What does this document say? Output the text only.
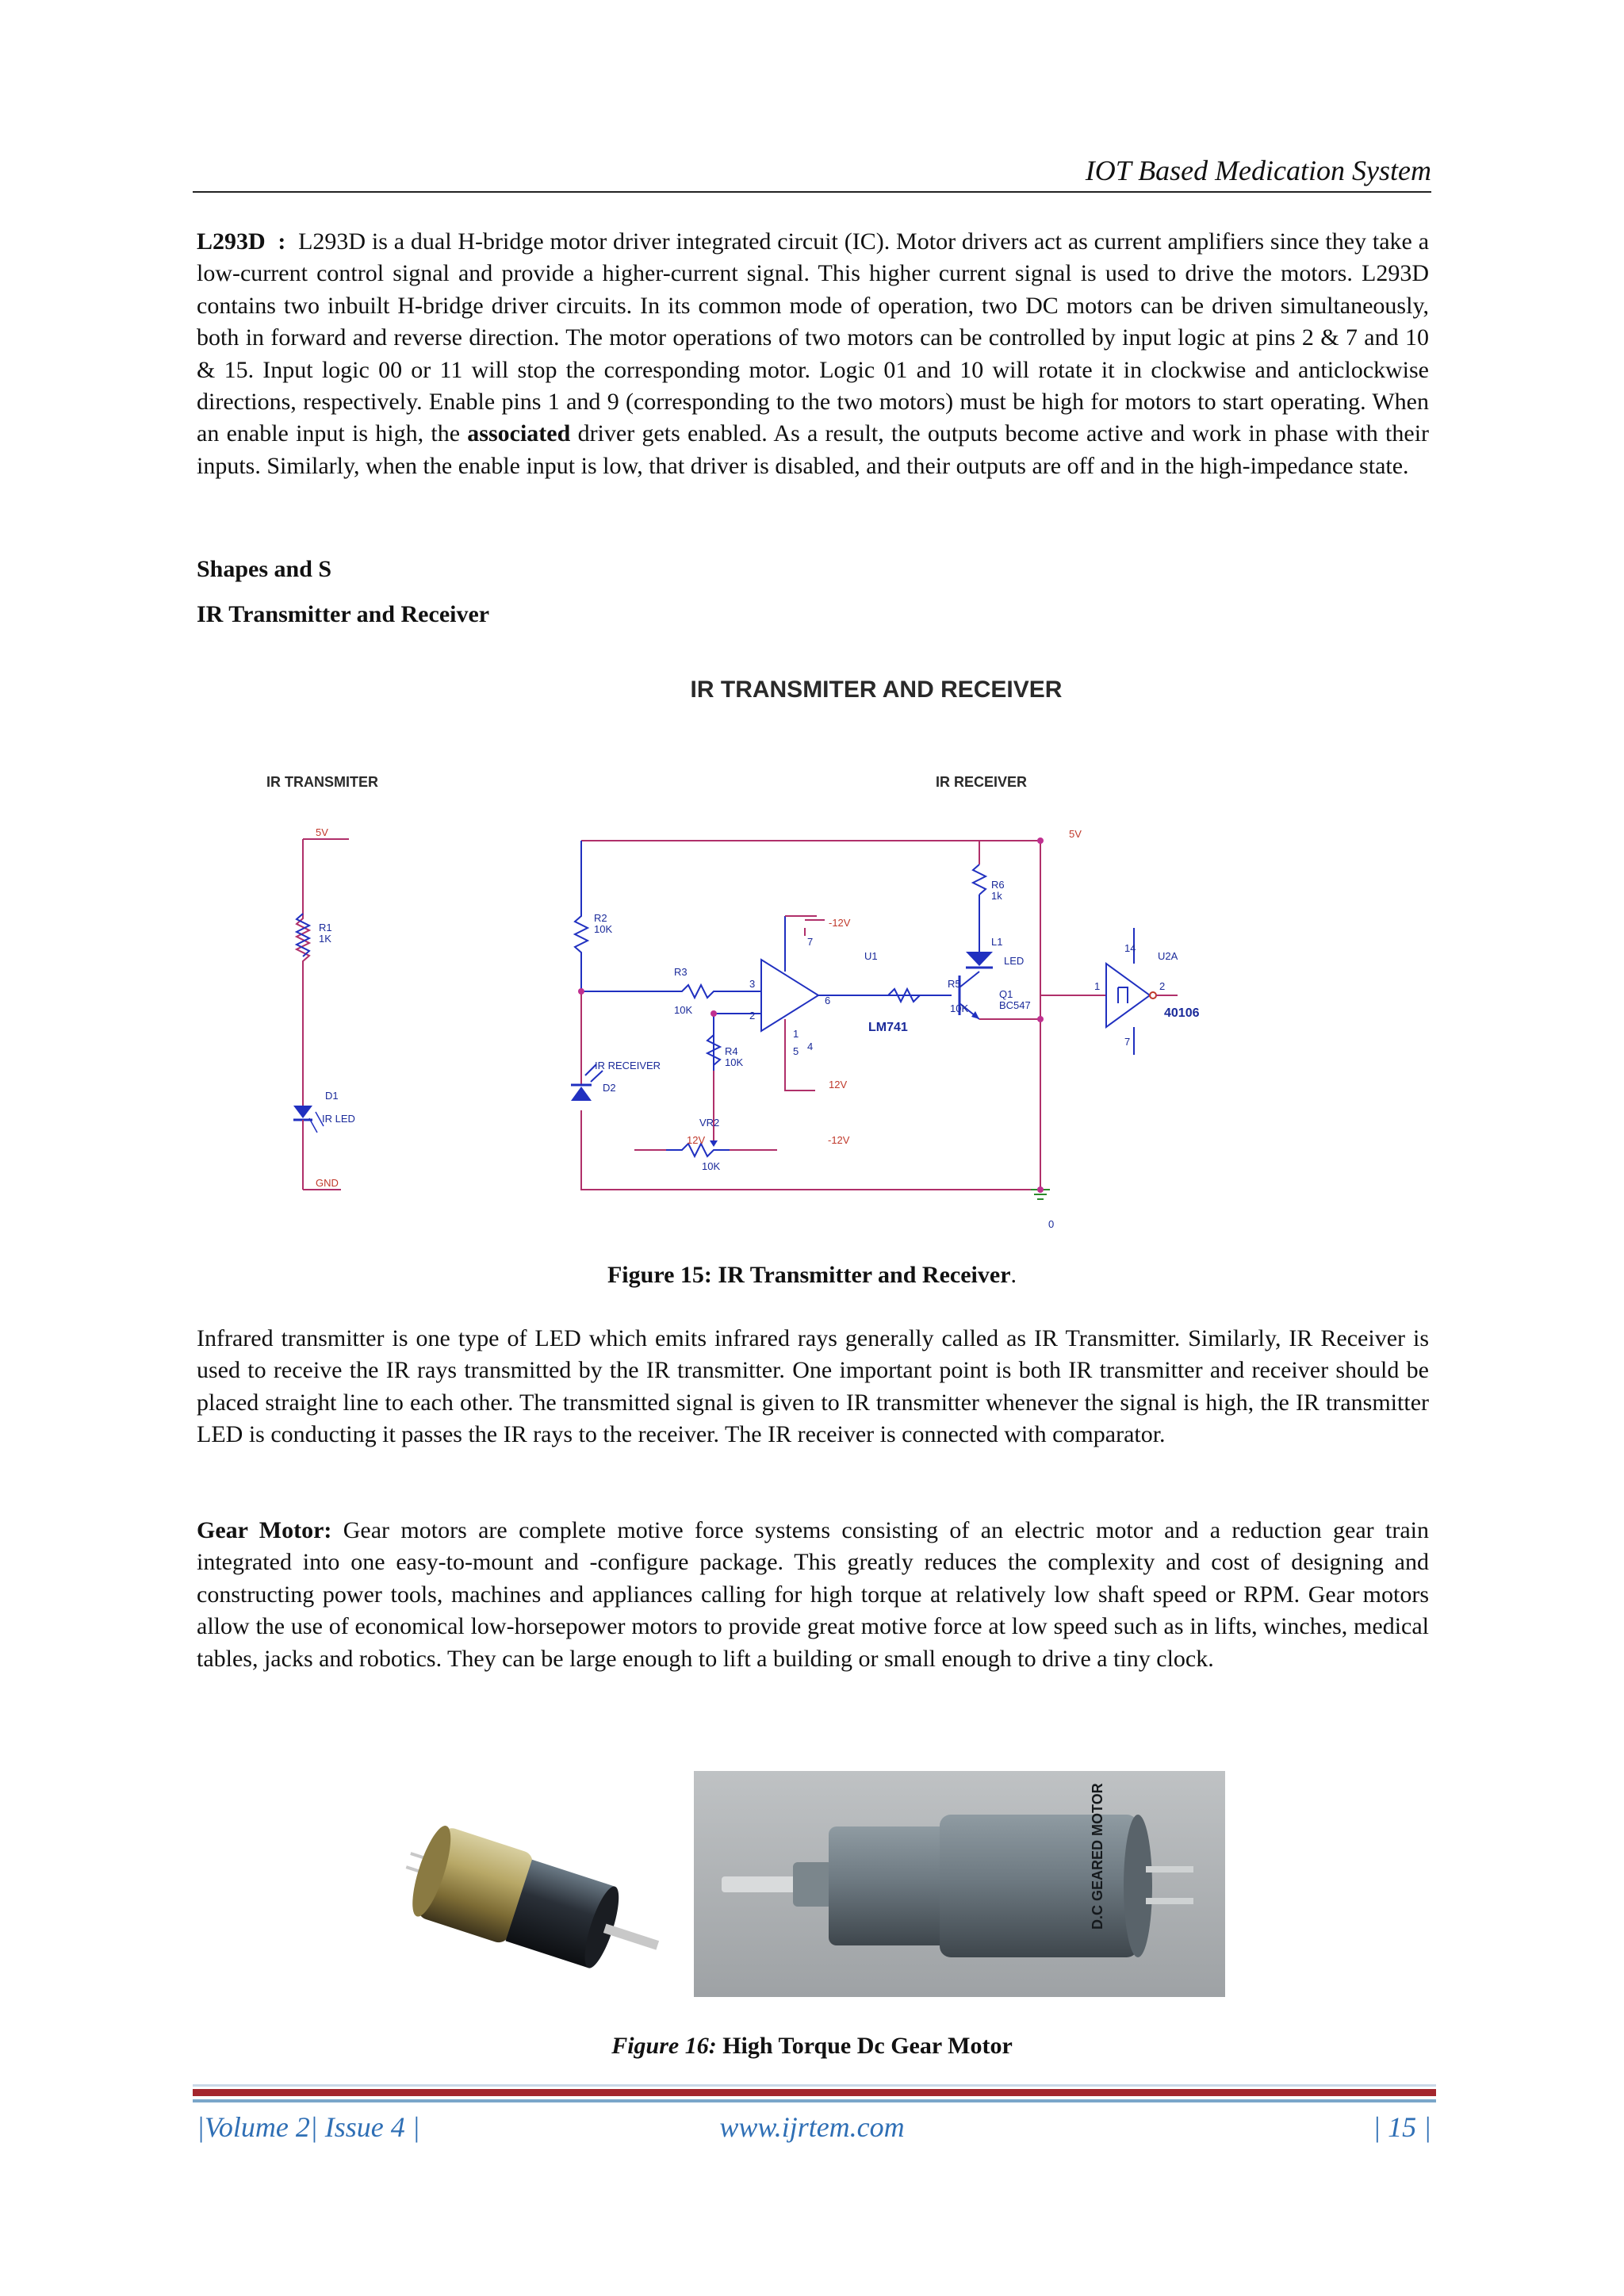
IOT Based Medication System

L293D : L293D is a dual H-bridge motor driver integrated circuit (IC). Motor drivers act as current amplifiers since they take a low-current control signal and provide a higher-current signal. This higher current signal is used to drive the motors. L293D contains two inbuilt H-bridge driver circuits. In its common mode of operation, two DC motors can be driven simultaneously, both in forward and reverse direction. The motor operations of two motors can be controlled by input logic at pins 2 & 7 and 10 & 15. Input logic 00 or 11 will stop the corresponding motor. Logic 01 and 10 will rotate it in clockwise and anticlockwise directions, respectively. Enable pins 1 and 9 (corresponding to the two motors) must be high for motors to start operating. When an enable input is high, the associated driver gets enabled. As a result, the outputs become active and work in phase with their inputs. Similarly, when the enable input is low, that driver is disabled, and their outputs are off and in the high-impedance state.

Shapes and S
IR Transmitter and Receiver
IR TRANSMITER AND RECEIVER
IR TRANSMITER	IR RECEIVER
5V
GND
R1
1K
D1
IR LED
R2
10K
R3
10K
U1
3
2
6
7
4
1
5
LM741
R4
10K
IR RECEIVER
D2
VR2
10K
R5
10K
R6
1k
L1
LED
Q1
BC547
U2A
14
7
1	2
40106
0
-12V
12V
12V	-12V
5V
Figure 15: IR Transmitter and Receiver.

Infrared transmitter is one type of LED which emits infrared rays generally called as IR Transmitter. Similarly, IR Receiver is used to receive the IR rays transmitted by the IR transmitter. One important point is both IR transmitter and receiver should be placed straight line to each other. The transmitted signal is given to IR transmitter whenever the signal is high, the IR transmitter LED is conducting it passes the IR rays to the receiver. The IR receiver is connected with comparator.

Gear Motor: Gear motors are complete motive force systems consisting of an electric motor and a reduction gear train integrated into one easy-to-mount and -configure package. This greatly reduces the complexity and cost of designing and constructing power tools, machines and appliances calling for high torque at relatively low shaft speed or RPM. Gear motors allow the use of economical low-horsepower motors to provide great motive force at low speed such as in lifts, winches, medical tables, jacks and robotics. They can be large enough to lift a building or small enough to drive a tiny clock.

D.C GEARED MOTOR
Figure 16: High Torque Dc Gear Motor
|Volume 2| Issue 4 |	www.ijrtem.com	| 15 |
